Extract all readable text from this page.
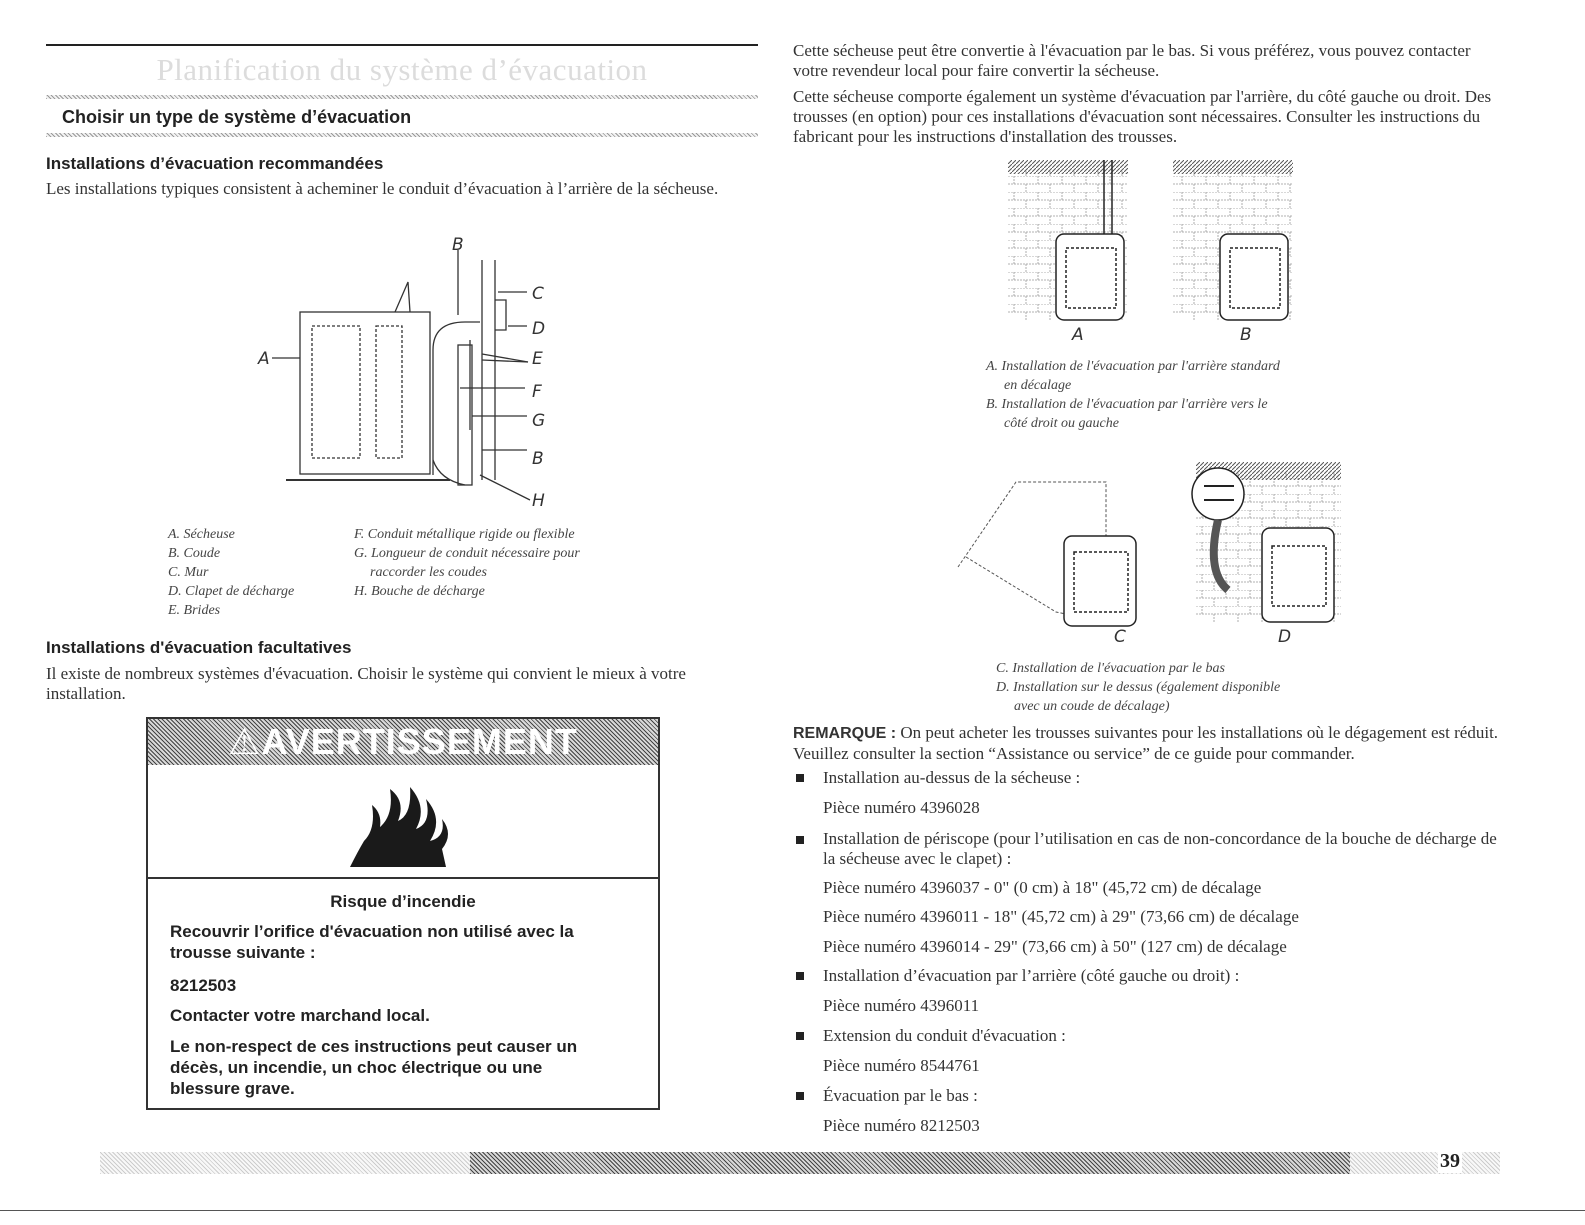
Planification du système d’évacuation
Choisir un type de système d’évacuation
Installations d’évacuation recommandées
Les installations typiques consistent à acheminer le conduit d’évacuation à l’arrière de la sécheuse.
B
C
D
E
F
G
B
H
A
A. Sécheuse
B. Coude
C. Mur
D. Clapet de décharge
E. Brides
F. Conduit métallique rigide ou flexible
G. Longueur de conduit nécessaire pour
raccorder les coudes
H. Bouche de décharge
Installations d'évacuation facultatives
Il existe de nombreux systèmes d'évacuation. Choisir le système qui convient le mieux à votre installation.
⚠AVERTISSEMENT
Risque d’incendie
Recouvrir l’orifice d'évacuation non utilisé avec la trousse suivante :
8212503
Contacter votre marchand local.
Le non-respect de ces instructions peut causer un décès, un incendie, un choc électrique ou une blessure grave.
Cette sécheuse peut être convertie à l'évacuation par le bas. Si vous préférez, vous pouvez contacter votre revendeur local pour faire convertir la sécheuse.
Cette sécheuse comporte également un système d'évacuation par l'arrière, du côté gauche ou droit. Des trousses (en option) pour ces installations d'évacuation sont nécessaires. Consulter les instructions du fabricant pour les instructions d'installation des trousses.
A	B
A. Installation de l'évacuation par l'arrière standard
en décalage
B. Installation de l'évacuation par l'arrière vers le
côté droit ou gauche
C	D
C. Installation de l'évacuation par le bas
D. Installation sur le dessus (également disponible
avec un coude de décalage)
REMARQUE : On peut acheter les trousses suivantes pour les installations où le dégagement est réduit. Veuillez consulter la section “Assistance ou service” de ce guide pour commander.
Installation au-dessus de la sécheuse :
Pièce numéro 4396028
Installation de périscope (pour l’utilisation en cas de non-concordance de la bouche de décharge de la sécheuse avec le clapet) :
Pièce numéro 4396037 - 0" (0 cm) à 18" (45,72 cm) de décalage
Pièce numéro 4396011 - 18" (45,72 cm) à 29" (73,66 cm) de décalage
Pièce numéro 4396014 - 29" (73,66 cm) à 50" (127 cm) de décalage
Installation d’évacuation par l’arrière (côté gauche ou droit) :
Pièce numéro 4396011
Extension du conduit d'évacuation :
Pièce numéro 8544761
Évacuation par le bas :
Pièce numéro 8212503
39
